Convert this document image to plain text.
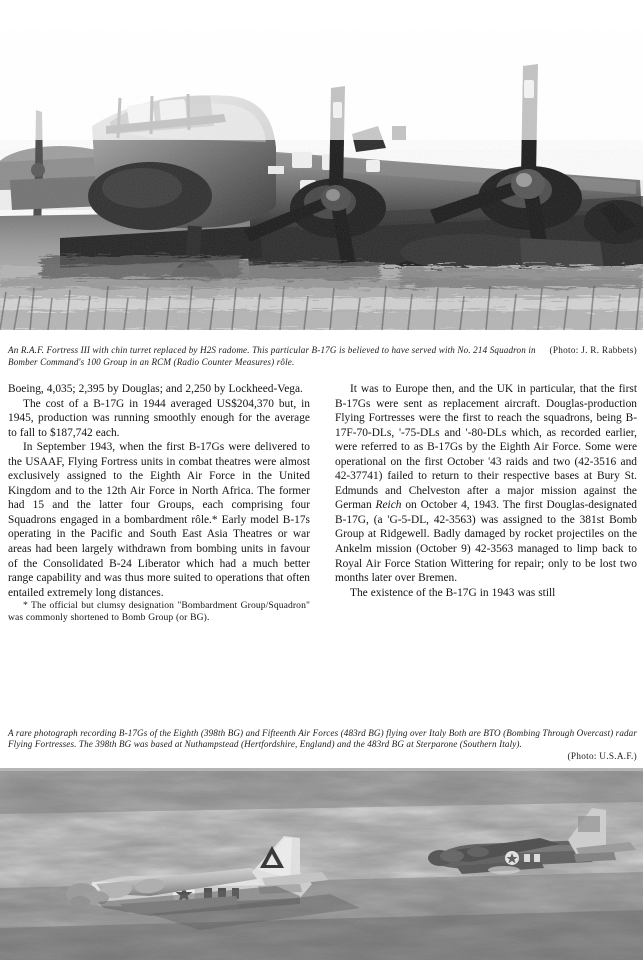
(Photo: J. R. Rabbets)
An R.A.F. Fortress III with chin turret replaced by H2S radome. This particular B-17G is believed to have served with No. 214 Squadron in Bomber Command's 100 Group in an RCM (Radio Counter Measures) rôle.

Boeing, 4,035; 2,395 by Douglas; and 2,250 by Lockheed-Vega.

The cost of a B-17G in 1944 averaged US$204,370 but, in 1945, production was running smoothly enough for the average to fall to $187,742 each.

In September 1943, when the first B-17Gs were delivered to the USAAF, Flying Fortress units in combat theatres were almost exclusively assigned to the Eighth Air Force in the United Kingdom and to the 12th Air Force in North Africa. The former had 15 and the latter four Groups, each comprising four Squadrons engaged in a bombardment rôle.* Early model B-17s operating in the Pacific and South East Asia Theatres or war areas had been largely withdrawn from bombing units in favour of the Consolidated B-24 Liberator which had a much better range capability and was thus more suited to operations that often entailed extremely long distances.

* The official but clumsy designation "Bombardment Group/Squadron" was commonly shortened to Bomb Group (or BG).

It was to Europe then, and the UK in particular, that the first B-17Gs were sent as replacement aircraft. Douglas-production Flying Fortresses were the first to reach the squadrons, being B-17F-70-DLs, '-75-DLs and '-80-DLs which, as recorded earlier, were referred to as B-17Gs by the Eighth Air Force. Some were operational on the first October '43 raids and two (42-3516 and 42-37741) failed to return to their respective bases at Bury St. Edmunds and Chelveston after a major mission against the German Reich on October 4, 1943. The first Douglas-designated B-17G, (a 'G-5-DL, 42-3563) was assigned to the 381st Bomb Group at Ridgewell. Badly damaged by rocket projectiles on the Ankelm mission (October 9) 42-3563 managed to limp back to Royal Air Force Station Wittering for repair; only to be lost two months later over Bremen.

The existence of the B-17G in 1943 was still

A rare photograph recording B-17Gs of the Eighth (398th BG) and Fifteenth Air Forces (483rd BG) flying over Italy Both are BTO (Bombing Through Overcast) radar Flying Fortresses. The 398th BG was based at Nuthampstead (Hertfordshire, England) and the 483rd BG at Sterparone (Southern Italy).
(Photo: U.S.A.F.)
